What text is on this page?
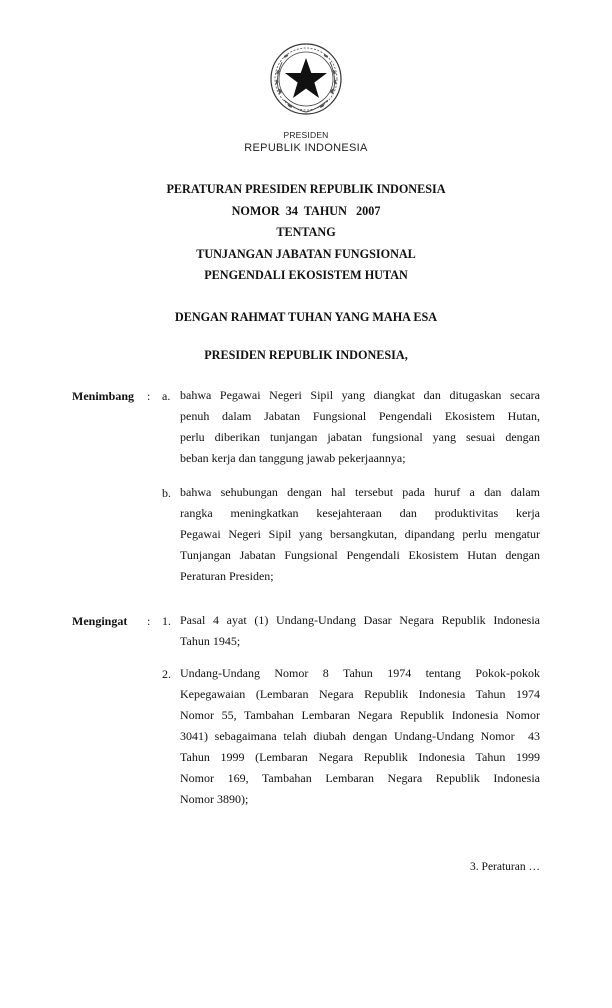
PRESIDEN
REPUBLIK INDONESIA
PERATURAN PRESIDEN REPUBLIK INDONESIA
NOMOR  34  TAHUN   2007
TENTANG
TUNJANGAN JABATAN FUNGSIONAL
PENGENDALI EKOSISTEM HUTAN
DENGAN RAHMAT TUHAN YANG MAHA ESA
PRESIDEN REPUBLIK INDONESIA,
Menimbang : a. bahwa Pegawai Negeri Sipil yang diangkat dan ditugaskan secara
penuh dalam Jabatan Fungsional Pengendali Ekosistem Hutan,
perlu diberikan tunjangan jabatan fungsional yang sesuai dengan
beban kerja dan tanggung jawab pekerjaannya;
b. bahwa sehubungan dengan hal tersebut pada huruf a dan dalam
rangka meningkatkan kesejahteraan dan produktivitas kerja
Pegawai Negeri Sipil yang bersangkutan, dipandang perlu mengatur
Tunjangan Jabatan Fungsional Pengendali Ekosistem Hutan dengan
Peraturan Presiden;
Mengingat : 1. Pasal 4 ayat (1) Undang-Undang Dasar Negara Republik Indonesia
Tahun 1945;
2. Undang-Undang Nomor 8 Tahun 1974 tentang Pokok-pokok
Kepegawaian (Lembaran Negara Republik Indonesia Tahun 1974
Nomor 55, Tambahan Lembaran Negara Republik Indonesia Nomor
3041) sebagaimana telah diubah dengan Undang-Undang Nomor  43
Tahun 1999 (Lembaran Negara Republik Indonesia Tahun 1999
Nomor 169, Tambahan Lembaran Negara Republik Indonesia
Nomor 3890);
3. Peraturan …
